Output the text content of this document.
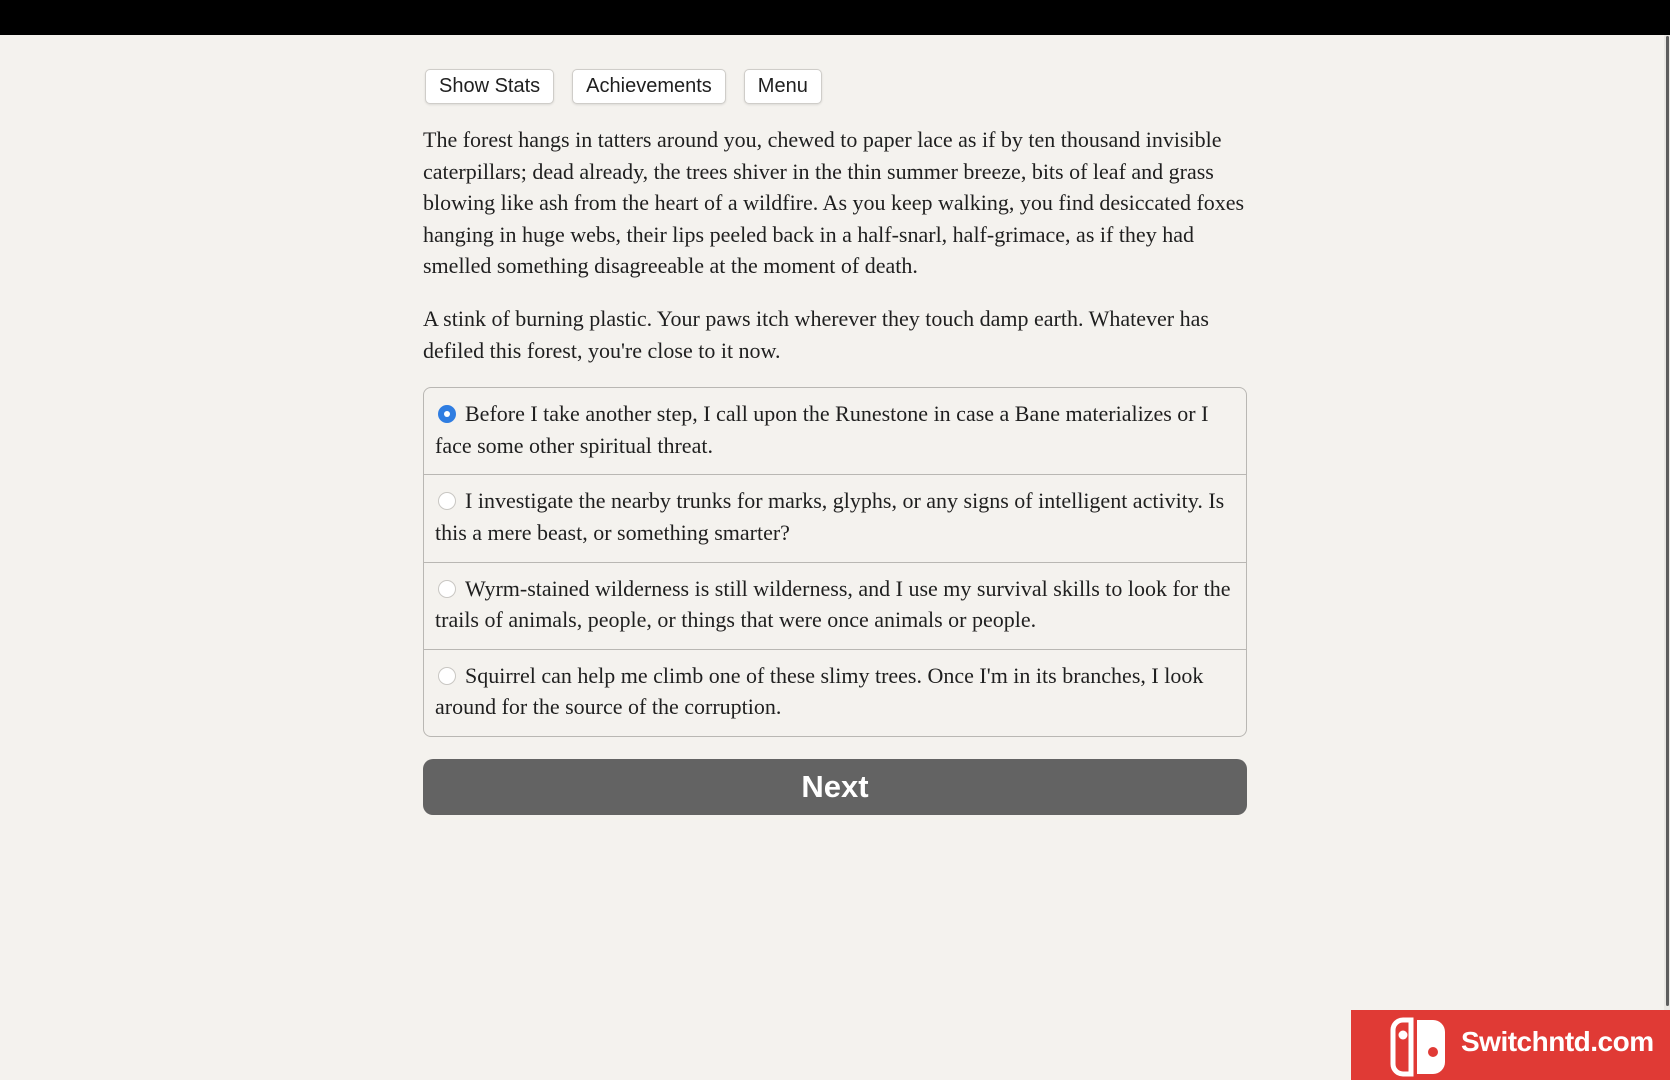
Show Stats	Achievements	Menu

The forest hangs in tatters around you, chewed to paper lace as if by ten thousand invisible caterpillars; dead already, the trees shiver in the thin summer breeze, bits of leaf and grass blowing like ash from the heart of a wildfire. As you keep walking, you find desiccated foxes hanging in huge webs, their lips peeled back in a half-snarl, half-grimace, as if they had smelled something disagreeable at the moment of death.

A stink of burning plastic. Your paws itch wherever they touch damp earth. Whatever has defiled this forest, you're close to it now.

Before I take another step, I call upon the Runestone in case a Bane materializes or I face some other spiritual threat.
I investigate the nearby trunks for marks, glyphs, or any signs of intelligent activity. Is this a mere beast, or something smarter?
Wyrm-stained wilderness is still wilderness, and I use my survival skills to look for the trails of animals, people, or things that were once animals or people.
Squirrel can help me climb one of these slimy trees. Once I'm in its branches, I look around for the source of the corruption.
Next
Switchntd.com
